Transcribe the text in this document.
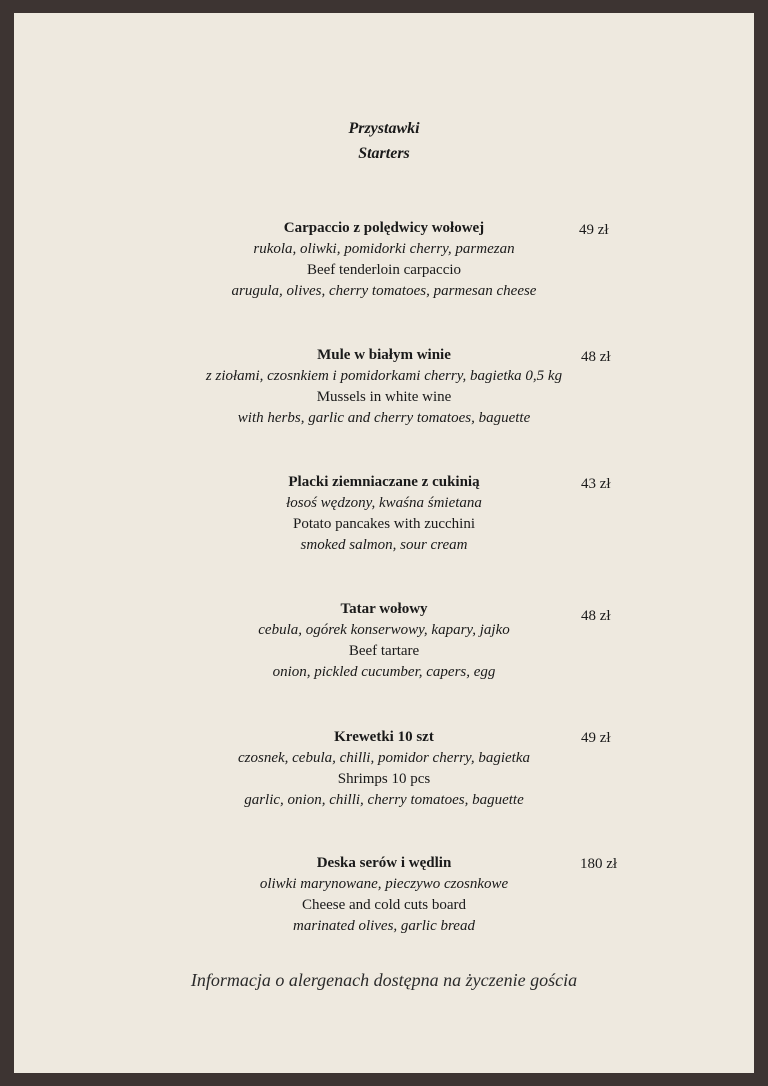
Przystawki
Starters
Carpaccio z polędwicy wołowej
rukola, oliwki, pomidorki cherry, parmezan
Beef tenderloin carpaccio
arugula, olives, cherry tomatoes, parmesan cheese
49 zł
Mule w białym winie
z ziołami, czosnkiem i pomidorkami cherry, bagietka 0,5 kg
Mussels in white wine
with herbs, garlic and cherry tomatoes, baguette
48 zł
Placki ziemniaczane z cukinią
łosoś wędzony, kwaśna śmietana
Potato pancakes with zucchini
smoked salmon, sour cream
43 zł
Tatar wołowy
cebula, ogórek konserwowy, kapary, jajko
Beef tartare
onion, pickled cucumber, capers, egg
48 zł
Krewetki 10 szt
czosnek, cebula, chilli, pomidor cherry, bagietka
Shrimps 10 pcs
garlic, onion, chilli, cherry tomatoes, baguette
49 zł
Deska serów i wędlin
oliwki marynowane, pieczywo czosnkowe
Cheese and cold cuts board
marinated olives, garlic bread
180 zł
Informacja o alergenach dostępna na życzenie gościa
